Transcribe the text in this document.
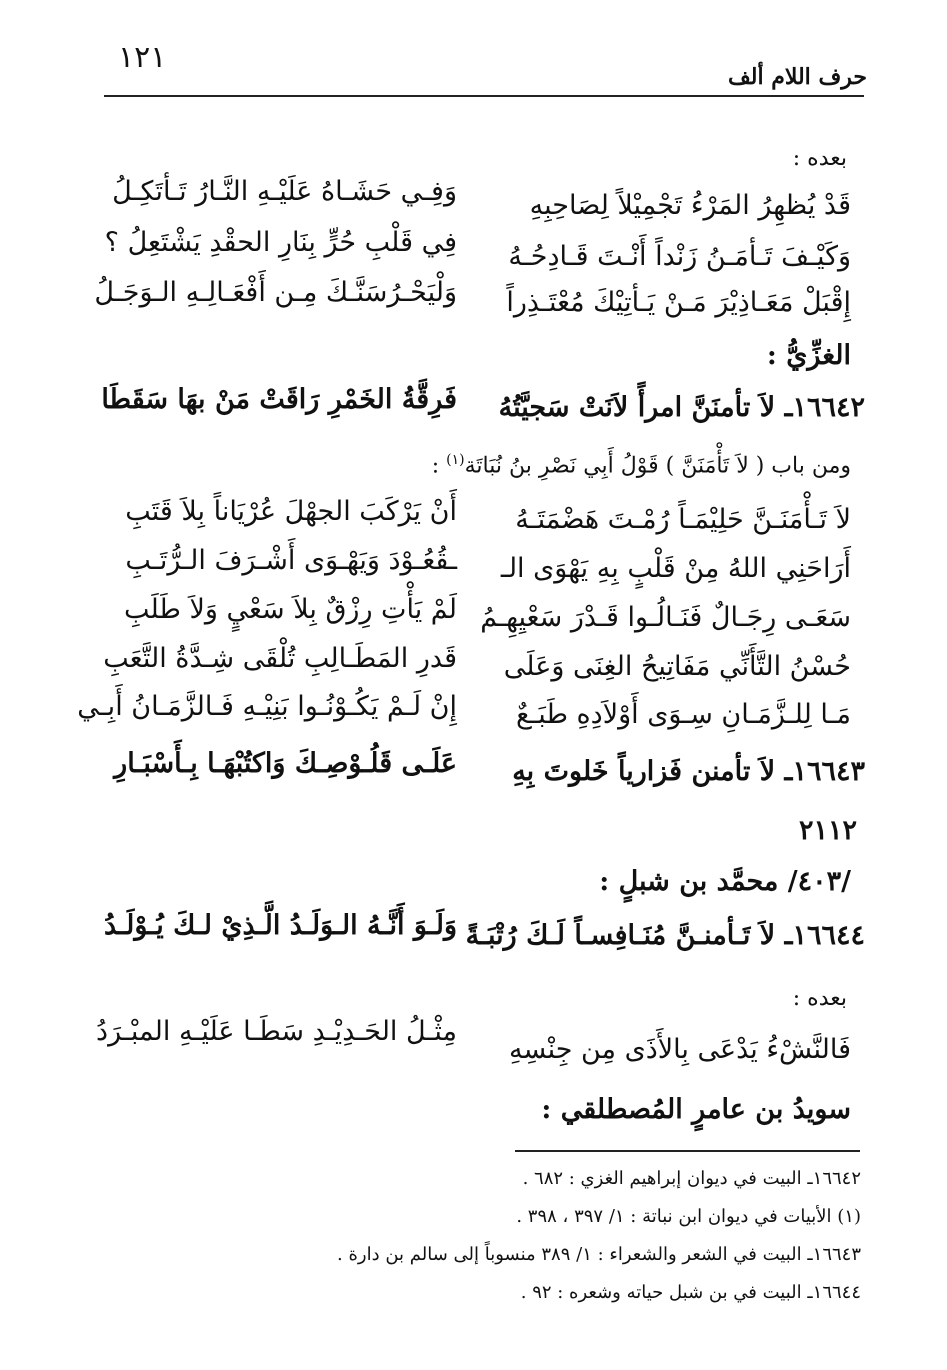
١٢١
حرف اللام ألف
بعده :
قَدْ يُظهِرُ المَرْءُ تَجْمِيْلاً لِصَاحِبِهِ
وَفِـي حَشَـاهُ عَلَيْـهِ النَّـارُ تَـأتَكِـلُ
وَكَيْـفَ تَـأمَـنُ زَنْداً أَنْـتَ قَـادِحُـهُ
فِي قَلْبِ حُرٍّ بِنَارِ الحقْدِ يَشْتَعِلُ ؟
إِقْبَلْ مَعَـاذِيْرَ مَـنْ يَـأتِيْكَ مُعْتَـذِراً
وَلْيَحْـرُسَنَّـكَ مِـن أَفْعَـالِـهِ الـوَجَـلُ
الغزِّيُّ :
١٦٦٤٢ـ لاَ تأمنَنَّ امرأً لاَنَتْ سَجيَّتُهُ
فَرِقَّةُ الخَمْرِ رَاقَتْ مَنْ بهَا سَقَطَا
ومن باب ( لاَ تَأْمَنَنَّ ) قَوْلُ أَبِي نَصْرِ بنُ نُبَاتَة$^{(١)}$ :
لاَ تَـأْمَنَـنَّ حَلِيْمَـاً رُمْـتَ هَضْمَتَـهُ
أَنْ يَرْكَبَ الجهْلَ عُرْيَاناً بِلاَ قَتَبِ
أَرَاحَنِي اللهُ مِنْ قَلْبٍ بِهِ يَهْوَى الـ
ـقُعُـوْدَ وَيَهْـوَى أَشْـرَفَ الـرُّتَـبِ
سَعَـى رِجَـالٌ فَنَـالُـوا قَـدْرَ سَعْيِهِـمُ
لَمْ يَأْتِ رِزْقٌ بِلاَ سَعْيٍ وَلاَ طَلَبِ
حُسْنُ التَّأَنِّي مَفَاتِيحُ الغِنَى وَعَلَى
قَدرِ المَطَـالِبِ تُلْقَى شِـدَّةُ التَّعَبِ
مَـا لِلـزَّمَـانِ سِـوَى أَوْلاَدِهِ طَبَـعٌ
إِنْ لَـمْ يَكُـوْنُـوا بَنِيْـهِ فَـالزَّمَـانُ أَبِـي
١٦٦٤٣ـ لاَ تأمنن فَزارياً خَلوتَ بِهِ
عَلَـى قَلُـوْصِـكَ وَاكتُبْهَـا بِـأَسْبَـارِ
٢١١٢
/٤٠٣/ محمَّد بن شبلٍ :
١٦٦٤٤ـ لاَ تَـأمنـنَّ مُنَـافِسـاً لَـكَ رُتْبَـةً
وَلَـوَ أَنَّـهُ الـوَلَـدُ الَّـذِيْ لـكَ يُـوْلَـدُ
بعده :
فَالنَّشْءُ يَدْعَى بِالأَذَى مِن جِنْسِهِ
مِثْـلُ الحَـدِيْـدِ سَطَـا عَلَيْـهِ المبْـرَدُ
سويدُ بن عامرٍ المُصطلقي :
١٦٦٤٢ـ البيت في ديوان إبراهيم الغزي : ٦٨٢ .
(١) الأبيات في ديوان ابن نباتة : ١/ ٣٩٧ ، ٣٩٨ .
١٦٦٤٣ـ البيت في الشعر والشعراء : ١/ ٣٨٩ منسوباً إلى سالم بن دارة .
١٦٦٤٤ـ البيت في بن شبل حياته وشعره : ٩٢ .
